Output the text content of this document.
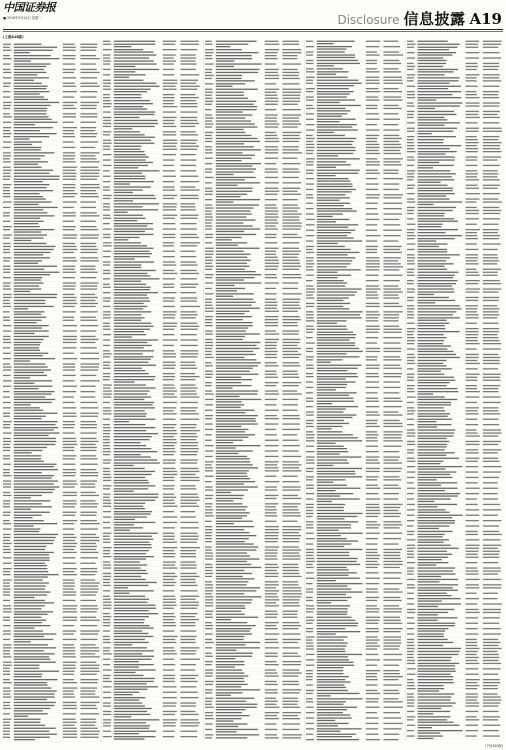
中国证券报
■ 2019年9月24日 星期二	Disclosure 信息披露 A19
(上接A18版)
(下转A20版)
